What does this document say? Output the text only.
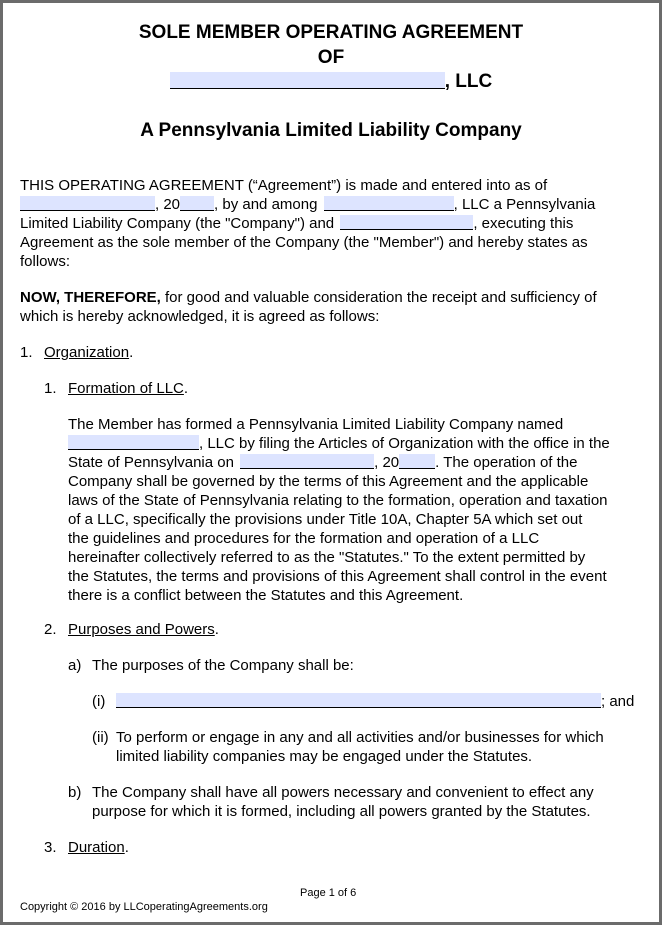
SOLE MEMBER OPERATING AGREEMENT
OF
, LLC
A Pennsylvania Limited Liability Company
THIS OPERATING AGREEMENT (“Agreement”) is made and entered into as of
, 20 , by and among	, LLC a Pennsylvania
Limited Liability Company (the "Company") and	, executing this
Agreement as the sole member of the Company (the "Member") and hereby states as
follows:
NOW, THEREFORE, for good and valuable consideration the receipt and sufficiency of
which is hereby acknowledged, it is agreed as follows:
1. Organization.
1. Formation of LLC.
The Member has formed a Pennsylvania Limited Liability Company named
, LLC by filing the Articles of Organization with the office in the
State of Pennsylvania on	, 20 . The operation of the
Company shall be governed by the terms of this Agreement and the applicable
laws of the State of Pennsylvania relating to the formation, operation and taxation
of a LLC, specifically the provisions under Title 10A, Chapter 5A which set out
the guidelines and procedures for the formation and operation of a LLC
hereinafter collectively referred to as the "Statutes." To the extent permitted by
the Statutes, the terms and provisions of this Agreement shall control in the event
there is a conflict between the Statutes and this Agreement.
2. Purposes and Powers.
a) The purposes of the Company shall be:
(i)	; and
(ii) To perform or engage in any and all activities and/or businesses for which
limited liability companies may be engaged under the Statutes.
b) The Company shall have all powers necessary and convenient to effect any
purpose for which it is formed, including all powers granted by the Statutes.
3. Duration.
Page 1 of 6
Copyright © 2016 by LLCoperatingAgreements.org
